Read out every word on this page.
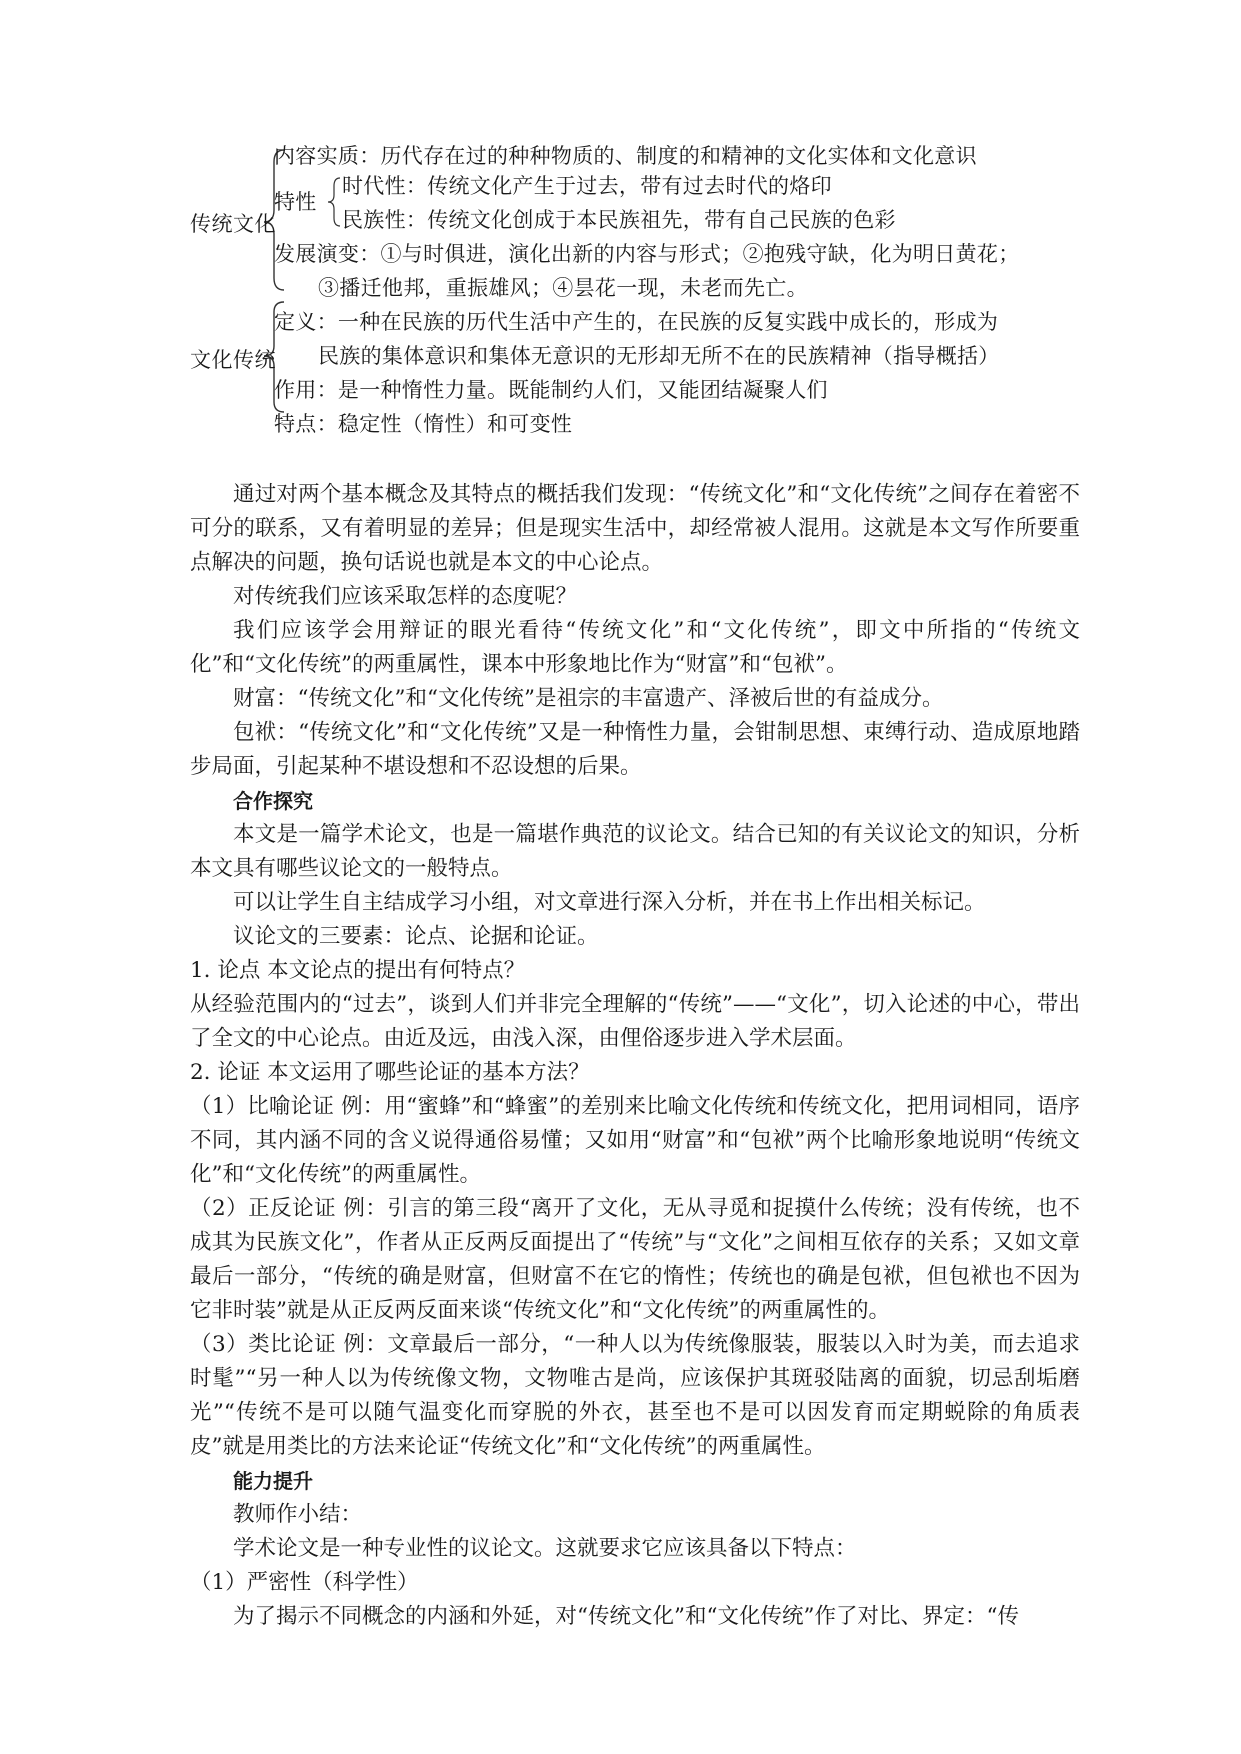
传统文化
内容实质：历代存在过的种种物质的、制度的和精神的文化实体和文化意识
特性
时代性：传统文化产生于过去，带有过去时代的烙印
民族性：传统文化创成于本民族祖先，带有自己民族的色彩
发展演变：①与时俱进，演化出新的内容与形式；②抱残守缺，化为明日黄花；
③播迁他邦，重振雄风；④昙花一现，未老而先亡。
文化传统
定义：一种在民族的历代生活中产生的，在民族的反复实践中成长的，形成为
民族的集体意识和集体无意识的无形却无所不在的民族精神（指导概括）
作用：是一种惰性力量。既能制约人们，又能团结凝聚人们
特点：稳定性（惰性）和可变性

通过对两个基本概念及其特点的概括我们发现：“传统文化”和“文化传统”之间存在着密不可分的联系，又有着明显的差异；但是现实生活中，却经常被人混用。这就是本文写作所要重点解决的问题，换句话说也就是本文的中心论点。

对传统我们应该采取怎样的态度呢？

我们应该学会用辩证的眼光看待“传统文化”和“文化传统”，即文中所指的“传统文化”和“文化传统”的两重属性，课本中形象地比作为“财富”和“包袱”。

财富：“传统文化”和“文化传统”是祖宗的丰富遗产、泽被后世的有益成分。

包袱：“传统文化”和“文化传统”又是一种惰性力量，会钳制思想、束缚行动、造成原地踏步局面，引起某种不堪设想和不忍设想的后果。

合作探究

本文是一篇学术论文，也是一篇堪作典范的议论文。结合已知的有关议论文的知识，分析本文具有哪些议论文的一般特点。

可以让学生自主结成学习小组，对文章进行深入分析，并在书上作出相关标记。

议论文的三要素：论点、论据和论证。

1. 论点 本文论点的提出有何特点？

从经验范围内的“过去”，谈到人们并非完全理解的“传统”——“文化”，切入论述的中心，带出了全文的中心论点。由近及远，由浅入深，由俚俗逐步进入学术层面。

2. 论证 本文运用了哪些论证的基本方法？

（1）比喻论证 例：用“蜜蜂”和“蜂蜜”的差别来比喻文化传统和传统文化，把用词相同，语序不同，其内涵不同的含义说得通俗易懂；又如用“财富”和“包袱”两个比喻形象地说明“传统文化”和“文化传统”的两重属性。

（2）正反论证 例：引言的第三段“离开了文化，无从寻觅和捉摸什么传统；没有传统，也不成其为民族文化”，作者从正反两反面提出了“传统”与“文化”之间相互依存的关系；又如文章最后一部分，“传统的确是财富，但财富不在它的惰性；传统也的确是包袱，但包袱也不因为它非时装”就是从正反两反面来谈“传统文化”和“文化传统”的两重属性的。

（3）类比论证 例：文章最后一部分，“一种人以为传统像服装，服装以入时为美，而去追求时髦”“另一种人以为传统像文物，文物唯古是尚，应该保护其斑驳陆离的面貌，切忌刮垢磨光”“传统不是可以随气温变化而穿脱的外衣，甚至也不是可以因发育而定期蜕除的角质表皮”就是用类比的方法来论证“传统文化”和“文化传统”的两重属性。

能力提升

教师作小结：

学术论文是一种专业性的议论文。这就要求它应该具备以下特点：

（1）严密性（科学性）

为了揭示不同概念的内涵和外延，对“传统文化”和“文化传统”作了对比、界定：“传
